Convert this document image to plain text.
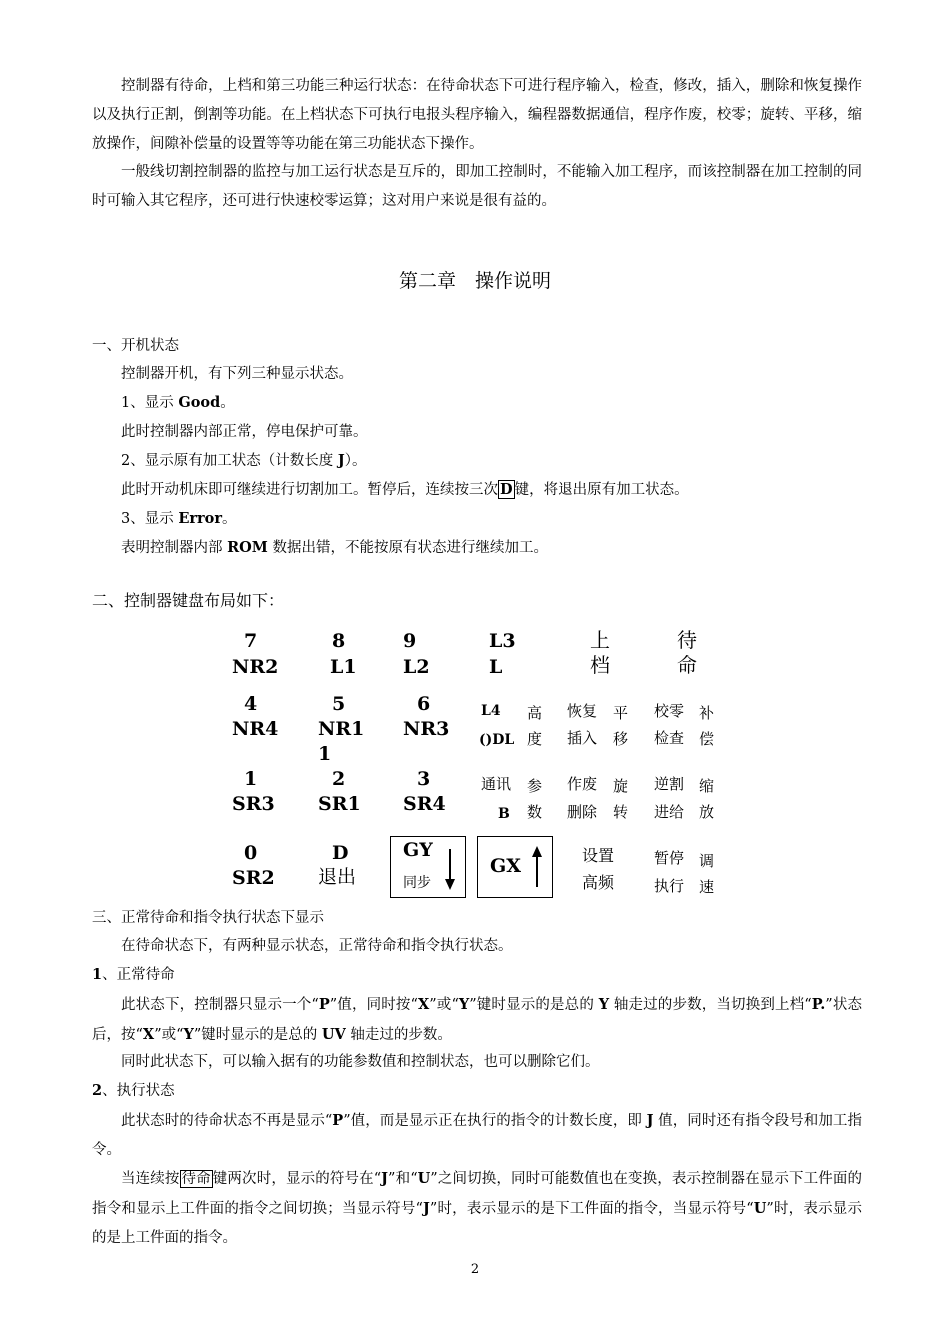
控制器有待命，上档和第三功能三种运行状态：在待命状态下可进行程序输入，检查，修改，插入，删除和恢复操作以及执行正割，倒割等功能。在上档状态下可执行电报头程序输入，编程器数据通信，程序作废，校零；旋转、平移，缩放操作，间隙补偿量的设置等等功能在第三功能状态下操作。

一般线切割控制器的监控与加工运行状态是互斥的，即加工控制时，不能输入加工程序，而该控制器在加工控制的同时可输入其它程序，还可进行快速校零运算；这对用户来说是很有益的。

第二章　操作说明
一、开机状态
控制器开机，有下列三种显示状态。
1、显示 Good。
此时控制器内部正常，停电保护可靠。
2、显示原有加工状态（计数长度 J）。
此时开动机床即可继续进行切割加工。暂停后，连续按三次 D 键，将退出原有加工状态。
3、显示 Error。
表明控制器内部 ROM 数据出错，不能按原有状态进行继续加工。
二、控制器键盘布局如下：
7
NR2
8
L1
9
L2
L3
L
上
档
待
命
4
NR4
5
NR1
1
6
NR3
L4
()DL
高度
恢复
插入
平移
校零
检查
补偿
1
SR3
2
SR1
3
SR4
通讯
B
参数
作废
删除
旋转
逆割
进给
缩放
0
SR2
D
退出
GY
同步
GX	设置
高频
暂停
执行
调速
三、正常待命和指令执行状态下显示
在待命状态下，有两种显示状态，正常待命和指令执行状态。
1、正常待命

此状态下，控制器只显示一个“P”值，同时按“X”或“Y”键时显示的是总的 Y 轴走过的步数，当切换到上档“P.”状态后，按“X”或“Y”键时显示的是总的 UV 轴走过的步数。

同时此状态下，可以输入据有的功能参数值和控制状态，也可以删除它们。
2、执行状态

此状态时的待命状态不再是显示“P”值，而是显示正在执行的指令的计数长度，即 J 值，同时还有指令段号和加工指令。

当连续按 待命 键两次时，显示的符号在“J”和“U”之间切换，同时可能数值也在变换，表示控制器在显示下工件面的指令和显示上工件面的指令之间切换；当显示符号“J”时，表示显示的是下工件面的指令，当显示符号“U”时，表示显示的是上工件面的指令。

2
